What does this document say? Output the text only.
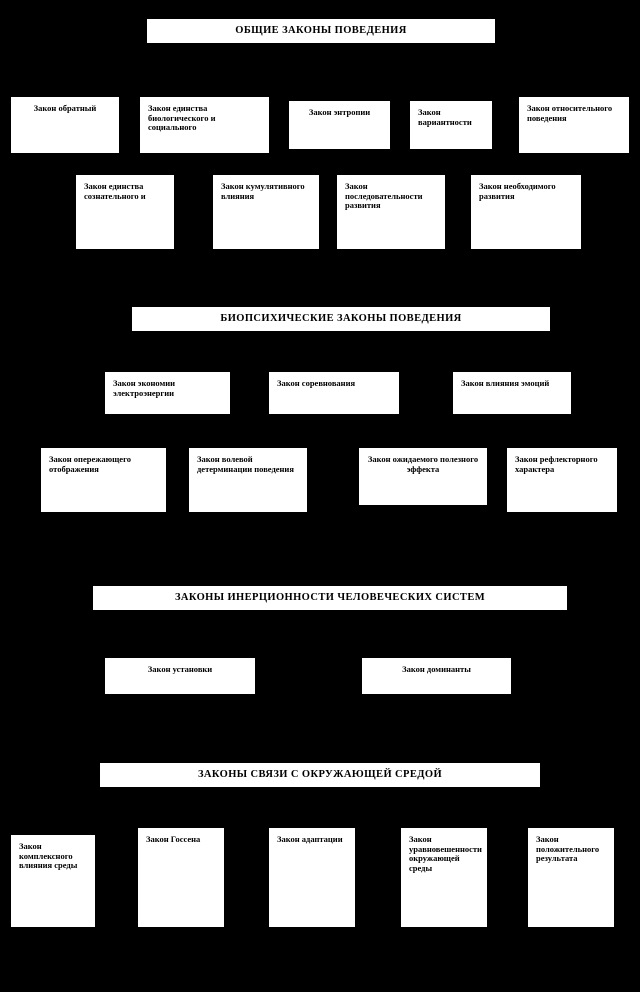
ОБЩИЕ ЗАКОНЫ ПОВЕДЕНИЯ
Закон обратный	Закон единства биологического и социального
Закон энтропии	Закон вариантности
Закон относительного поведения
Закон единства сознательного и
Закон кумулятивного влияния
Закон последовательности развития
Закон необходимого развития
БИОПСИХИЧЕСКИЕ ЗАКОНЫ ПОВЕДЕНИЯ
Закон экономии электроэнергии
Закон соревнования	Закон влияния эмоций
Закон опережающего отображения
Закон волевой детерминации поведения
Закон ожидаемого полезного эффекта
Закон рефлекторного характера
ЗАКОНЫ ИНЕРЦИОННОСТИ ЧЕЛОВЕЧЕСКИХ СИСТЕМ
Закон установки	Закон доминанты
ЗАКОНЫ СВЯЗИ С ОКРУЖАЮЩЕЙ СРЕДОЙ
Закон комплексного влияния среды
Закон Госсена	Закон адаптации	Закон уравновешенности окружающей среды
Закон положительного результата
